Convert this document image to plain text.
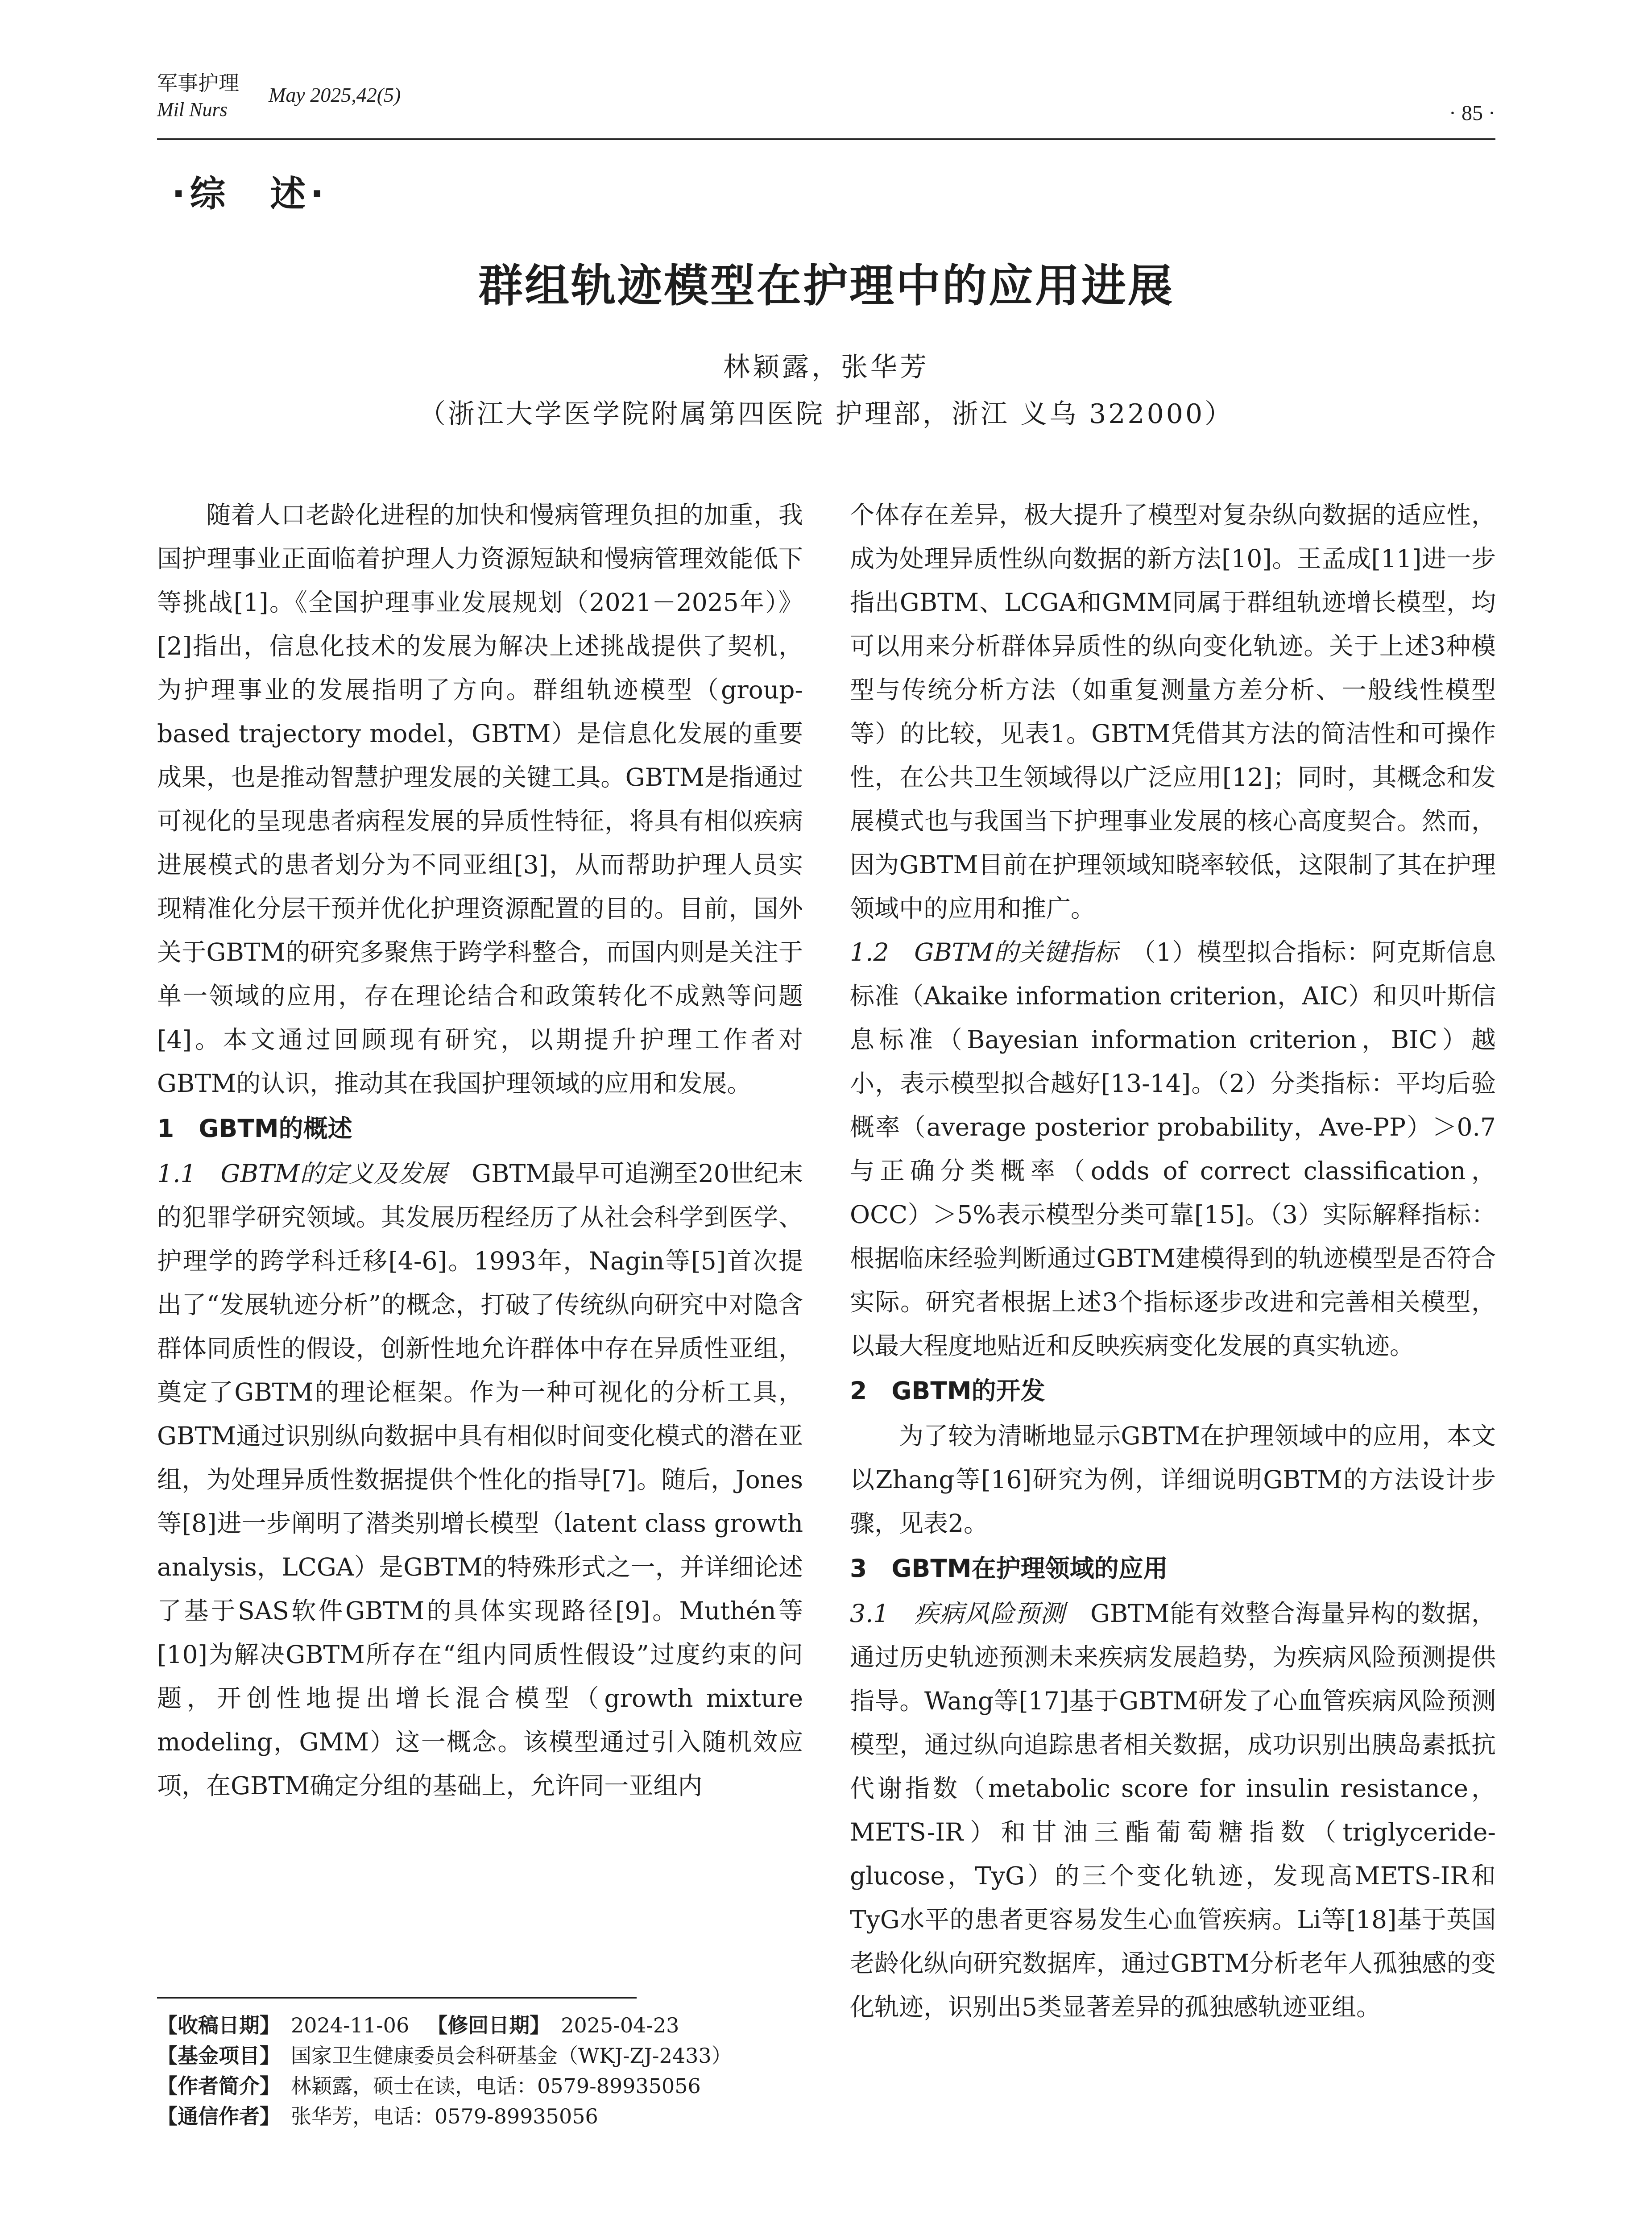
军事护理
Mil Nurs
May 2025,42(5)
· 85 ·
·综　述·
群组轨迹模型在护理中的应用进展
林颖露，张华芳
（浙江大学医学院附属第四医院 护理部，浙江 义乌 322000）

随着人口老龄化进程的加快和慢病管理负担的加重，我国护理事业正面临着护理人力资源短缺和慢病管理效能低下等挑战[1]。《全国护理事业发展规划（2021－2025年）》[2]指出，信息化技术的发展为解决上述挑战提供了契机，为护理事业的发展指明了方向。群组轨迹模型（group-based trajectory model，GBTM）是信息化发展的重要成果，也是推动智慧护理发展的关键工具。GBTM是指通过可视化的呈现患者病程发展的异质性特征，将具有相似疾病进展模式的患者划分为不同亚组[3]，从而帮助护理人员实现精准化分层干预并优化护理资源配置的目的。目前，国外关于GBTM的研究多聚焦于跨学科整合，而国内则是关注于单一领域的应用，存在理论结合和政策转化不成熟等问题[4]。本文通过回顾现有研究，以期提升护理工作者对GBTM的认识，推动其在我国护理领域的应用和发展。

1　GBTM的概述

1.1　GBTM的定义及发展　GBTM最早可追溯至20世纪末的犯罪学研究领域。其发展历程经历了从社会科学到医学、护理学的跨学科迁移[4-6]。1993年，Nagin等[5]首次提出了“发展轨迹分析”的概念，打破了传统纵向研究中对隐含群体同质性的假设，创新性地允许群体中存在异质性亚组，奠定了GBTM的理论框架。作为一种可视化的分析工具，GBTM通过识别纵向数据中具有相似时间变化模式的潜在亚组，为处理异质性数据提供个性化的指导[7]。随后，Jones等[8]进一步阐明了潜类别增长模型（latent class growth analysis，LCGA）是GBTM的特殊形式之一，并详细论述了基于SAS软件GBTM的具体实现路径[9]。Muthén等[10]为解决GBTM所存在“组内同质性假设”过度约束的问题，开创性地提出增长混合模型（growth mixture modeling，GMM）这一概念。该模型通过引入随机效应项，在GBTM确定分组的基础上，允许同一亚组内

【收稿日期】 2024-11-06 【修回日期】 2025-04-23
【基金项目】 国家卫生健康委员会科研基金（WKJ-ZJ-2433）
【作者简介】 林颖露，硕士在读，电话：0579-89935056
【通信作者】 张华芳，电话：0579-89935056

个体存在差异，极大提升了模型对复杂纵向数据的适应性，成为处理异质性纵向数据的新方法[10]。王孟成[11]进一步指出GBTM、LCGA和GMM同属于群组轨迹增长模型，均可以用来分析群体异质性的纵向变化轨迹。关于上述3种模型与传统分析方法（如重复测量方差分析、一般线性模型等）的比较，见表1。GBTM凭借其方法的简洁性和可操作性，在公共卫生领域得以广泛应用[12]；同时，其概念和发展模式也与我国当下护理事业发展的核心高度契合。然而，因为GBTM目前在护理领域知晓率较低，这限制了其在护理领域中的应用和推广。

1.2　GBTM的关键指标　（1）模型拟合指标：阿克斯信息标准（Akaike information criterion，AIC）和贝叶斯信息标准（Bayesian information criterion，BIC）越小，表示模型拟合越好[13-14]。（2）分类指标：平均后验概率（average posterior probability，Ave-PP）＞0.7与正确分类概率（odds of correct classification，OCC）＞5%表示模型分类可靠[15]。（3）实际解释指标：根据临床经验判断通过GBTM建模得到的轨迹模型是否符合实际。研究者根据上述3个指标逐步改进和完善相关模型，以最大程度地贴近和反映疾病变化发展的真实轨迹。

2　GBTM的开发

为了较为清晰地显示GBTM在护理领域中的应用，本文以Zhang等[16]研究为例，详细说明GBTM的方法设计步骤，见表2。

3　GBTM在护理领域的应用

3.1　疾病风险预测　GBTM能有效整合海量异构的数据，通过历史轨迹预测未来疾病发展趋势，为疾病风险预测提供指导。Wang等[17]基于GBTM研发了心血管疾病风险预测模型，通过纵向追踪患者相关数据，成功识别出胰岛素抵抗代谢指数（metabolic score for insulin resistance，METS-IR）和甘油三酯葡萄糖指数（triglyceride-glucose，TyG）的三个变化轨迹，发现高METS-IR和TyG水平的患者更容易发生心血管疾病。Li等[18]基于英国老龄化纵向研究数据库，通过GBTM分析老年人孤独感的变化轨迹，识别出5类显著差异的孤独感轨迹亚组。
